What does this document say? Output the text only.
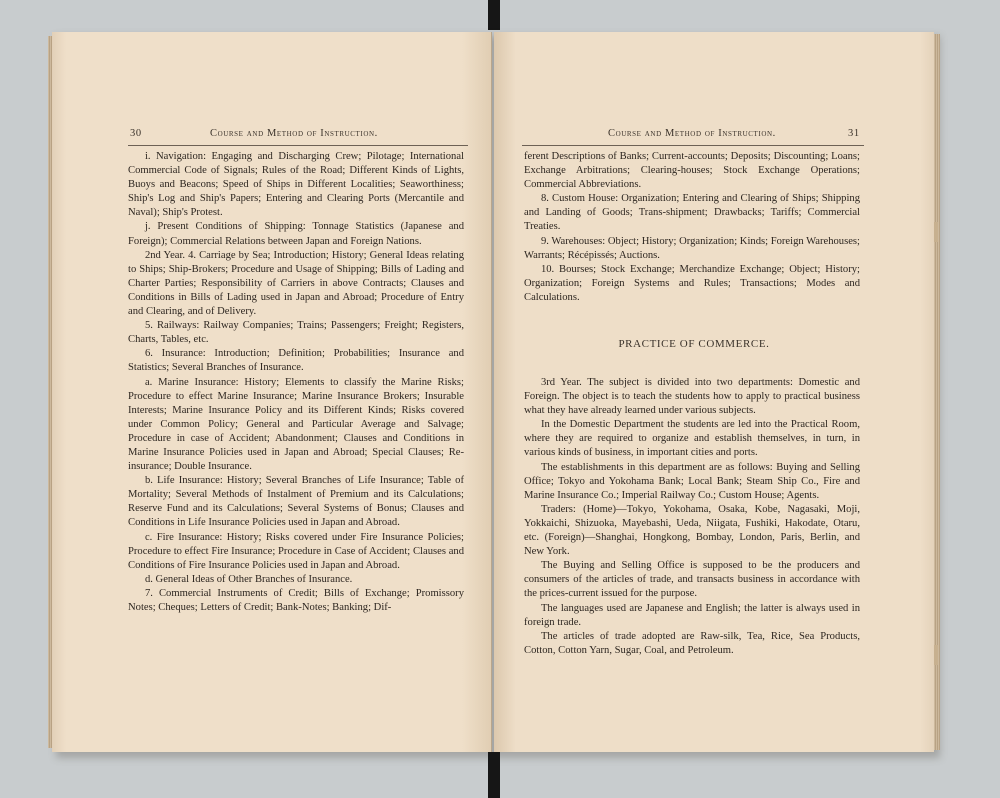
30	Course and Method of Instruction.

i. Navigation: Engaging and Discharging Crew; Pilotage; International Commercial Code of Signals; Rules of the Road; Different Kinds of Lights, Buoys and Beacons; Speed of Ships in Different Localities; Seaworthiness; Ship's Log and Ship's Papers; Entering and Clearing Ports (Mercantile and Naval); Ship's Protest.

j. Present Conditions of Shipping: Tonnage Statistics (Japanese and Foreign); Commercial Relations between Japan and Foreign Nations.

2nd Year. 4. Carriage by Sea; Introduction; History; General Ideas relating to Ships; Ship-Brokers; Procedure and Usage of Shipping; Bills of Lading and Charter Parties; Responsibility of Carriers in above Contracts; Clauses and Conditions in Bills of Lading used in Japan and Abroad; Procedure of Entry and Clearing, and of Delivery.

5. Railways: Railway Companies; Trains; Passengers; Freight; Registers, Charts, Tables, etc.

6. Insurance: Introduction; Definition; Probabilities; Insurance and Statistics; Several Branches of Insurance.

a. Marine Insurance: History; Elements to classify the Marine Risks; Procedure to effect Marine Insurance; Marine Insurance Brokers; Insurable Interests; Marine Insurance Policy and its Different Kinds; Risks covered under Common Policy; General and Particular Average and Salvage; Procedure in case of Accident; Abandonment; Clauses and Conditions in Marine Insurance Policies used in Japan and Abroad; Special Clauses; Re-insurance; Double Insurance.

b. Life Insurance: History; Several Branches of Life Insurance; Table of Mortality; Several Methods of Instalment of Premium and its Calculations; Reserve Fund and its Calculations; Several Systems of Bonus; Clauses and Conditions in Life Insurance Policies used in Japan and Abroad.

c. Fire Insurance: History; Risks covered under Fire Insurance Policies; Procedure to effect Fire Insurance; Procedure in Case of Accident; Clauses and Conditions of Fire Insurance Policies used in Japan and Abroad.

d. General Ideas of Other Branches of Insurance.

7. Commercial Instruments of Credit; Bills of Exchange; Promissory Notes; Cheques; Letters of Credit; Bank-Notes; Banking; Dif-

Course and Method of Instruction.	31

ferent Descriptions of Banks; Current-accounts; Deposits; Discounting; Loans; Exchange Arbitrations; Clearing-houses; Stock Exchange Operations; Commercial Abbreviations.

8. Custom House: Organization; Entering and Clearing of Ships; Shipping and Landing of Goods; Trans-shipment; Drawbacks; Tariffs; Commercial Treaties.

9. Warehouses: Object; History; Organization; Kinds; Foreign Warehouses; Warrants; Récépissés; Auctions.

10. Bourses; Stock Exchange; Merchandize Exchange; Object; History; Organization; Foreign Systems and Rules; Transactions; Modes and Calculations.

PRACTICE OF COMMERCE.

3rd Year. The subject is divided into two departments: Domestic and Foreign. The object is to teach the students how to apply to practical business what they have already learned under various subjects.

In the Domestic Department the students are led into the Practical Room, where they are required to organize and establish themselves, in turn, in various kinds of business, in important cities and ports.

The establishments in this department are as follows: Buying and Selling Office; Tokyo and Yokohama Bank; Local Bank; Steam Ship Co., Fire and Marine Insurance Co.; Imperial Railway Co.; Custom House; Agents.

Traders: (Home)—Tokyo, Yokohama, Osaka, Kobe, Nagasaki, Moji, Yokkaichi, Shizuoka, Mayebashi, Ueda, Niigata, Fushiki, Hakodate, Otaru, etc. (Foreign)—Shanghai, Hongkong, Bombay, London, Paris, Berlin, and New York.

The Buying and Selling Office is supposed to be the producers and consumers of the articles of trade, and transacts business in accordance with the prices-current issued for the purpose.

The languages used are Japanese and English; the latter is always used in foreign trade.

The articles of trade adopted are Raw-silk, Tea, Rice, Sea Products, Cotton, Cotton Yarn, Sugar, Coal, and Petroleum.
